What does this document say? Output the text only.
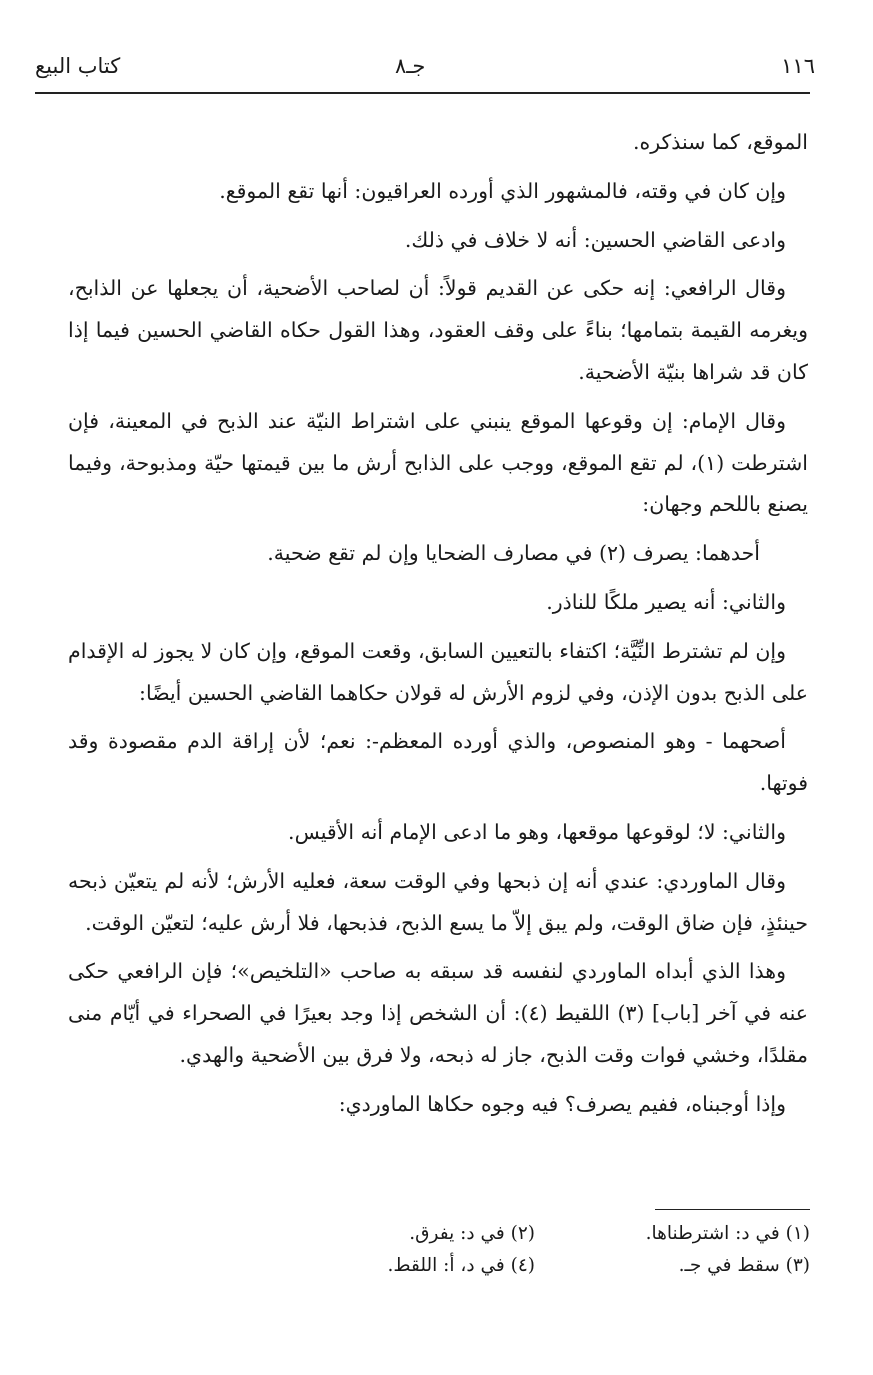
١١٦
جـ٨
كتاب البيع

الموقع، كما سنذكره.

وإن كان في وقته، فالمشهور الذي أورده العراقيون: أنها تقع الموقع.

وادعى القاضي الحسين: أنه لا خلاف في ذلك.

وقال الرافعي: إنه حكى عن القديم قولاً: أن لصاحب الأضحية، أن يجعلها عن الذابح، ويغرمه القيمة بتمامها؛ بناءً على وقف العقود، وهذا القول حكاه القاضي الحسين فيما إذا كان قد شراها بنيّة الأضحية.

وقال الإمام: إن وقوعها الموقع ينبني على اشتراط النيّة عند الذبح في المعينة، فإن اشترطت (١)، لم تقع الموقع، ووجب على الذابح أرش ما بين قيمتها حيّة ومذبوحة، وفيما يصنع باللحم وجهان:

أحدهما: يصرف (٢) في مصارف الضحايا وإن لم تقع ضحية.

والثاني: أنه يصير ملكًا للناذر.

وإن لم تشترط النِّيَّة؛ اكتفاء بالتعيين السابق، وقعت الموقع، وإن كان لا يجوز له الإقدام على الذبح بدون الإذن، وفي لزوم الأرش له قولان حكاهما القاضي الحسين أيضًا:

أصحهما - وهو المنصوص، والذي أورده المعظم-: نعم؛ لأن إراقة الدم مقصودة وقد فوتها.

والثاني: لا؛ لوقوعها موقعها، وهو ما ادعى الإمام أنه الأقيس.

وقال الماوردي: عندي أنه إن ذبحها وفي الوقت سعة، فعليه الأرش؛ لأنه لم يتعيّن ذبحه حينئذٍ، فإن ضاق الوقت، ولم يبق إلاّ ما يسع الذبح، فذبحها، فلا أرش عليه؛ لتعيّن الوقت.

وهذا الذي أبداه الماوردي لنفسه قد سبقه به صاحب «التلخيص»؛ فإن الرافعي حكى عنه في آخر [باب] (٣) اللقيط (٤): أن الشخص إذا وجد بعيرًا في الصحراء في أيّام منى مقلدًا، وخشي فوات وقت الذبح، جاز له ذبحه، ولا فرق بين الأضحية والهدي.

وإذا أوجبناه، ففيم يصرف؟ فيه وجوه حكاها الماوردي:

(١) في د: اشترطناها.
(٢) في د: يفرق.
(٣) سقط في جـ.
(٤) في د، أ: اللقط.
